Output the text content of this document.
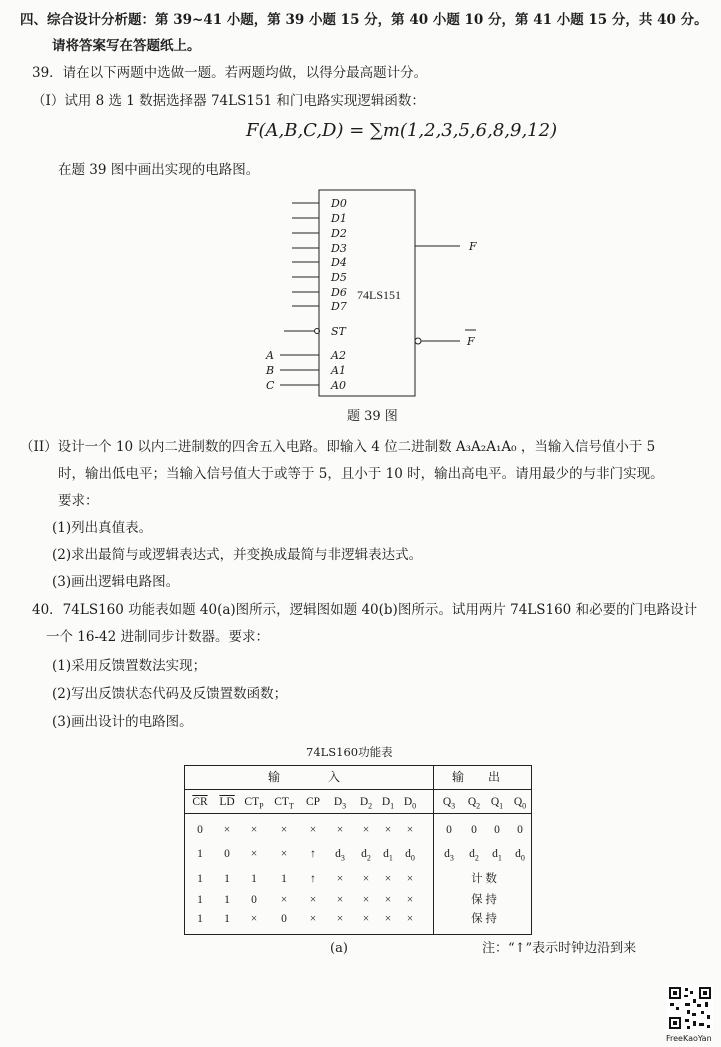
四、综合设计分析题：第 39~41 小题，第 39 小题 15 分，第 40 小题 10 分，第 41 小题 15 分，共 40 分。
请将答案写在答题纸上。
39．请在以下两题中选做一题。若两题均做，以得分最高题计分。
（I）试用 8 选 1 数据选择器 74LS151 和门电路实现逻辑函数：
F(A,B,C,D) = ∑m(1,2,3,5,6,8,9,12)
在题 39 图中画出实现的电路图。
D0
D1
D2
D3
D4
D5
D6
D7
ST
A2
A1
A0
A
B
C
F
F
74LS151
题 39 图
（II）设计一个 10 以内二进制数的四舍五入电路。即输入 4 位二进制数 A₃A₂A₁A₀ ，当输入信号值小于 5
时，输出低电平；当输入信号值大于或等于 5，且小于 10 时，输出高电平。请用最少的与非门实现。
要求：
(1)列出真值表。
(2)求出最简与或逻辑表达式，并变换成最简与非逻辑表达式。
(3)画出逻辑电路图。
40．74LS160 功能表如题 40(a)图所示，逻辑图如题 40(b)图所示。试用两片 74LS160 和必要的门电路设计
一个 16-42 进制同步计数器。要求：
(1)采用反馈置数法实现；
(2)写出反馈状态代码及反馈置数函数；
(3)画出设计的电路图。
74LS160功能表
输　　　　入	输　　出
$\overline{CR}$ $\overline{LD}$ $CT_P$ $CT_T$ CP $D_3$ $D_2$ $D_1$ $D_0$ $Q_3$ $Q_2$ $Q_1$ $Q_0$
0 × × × × × × × ×	0 0 0 0
1 0 × × ↑ $d_3$ $d_2$ $d_1$ $d_0$	$d_3$ $d_2$ $d_1$ $d_0$
1 1 1 1 ↑ × × × ×	计 数
1 1 0 × × × × × ×	保 持
1 1 × 0 × × × × ×	保 持
(a)	注：“↑”表示时钟边沿到来
FreeKaoYan
